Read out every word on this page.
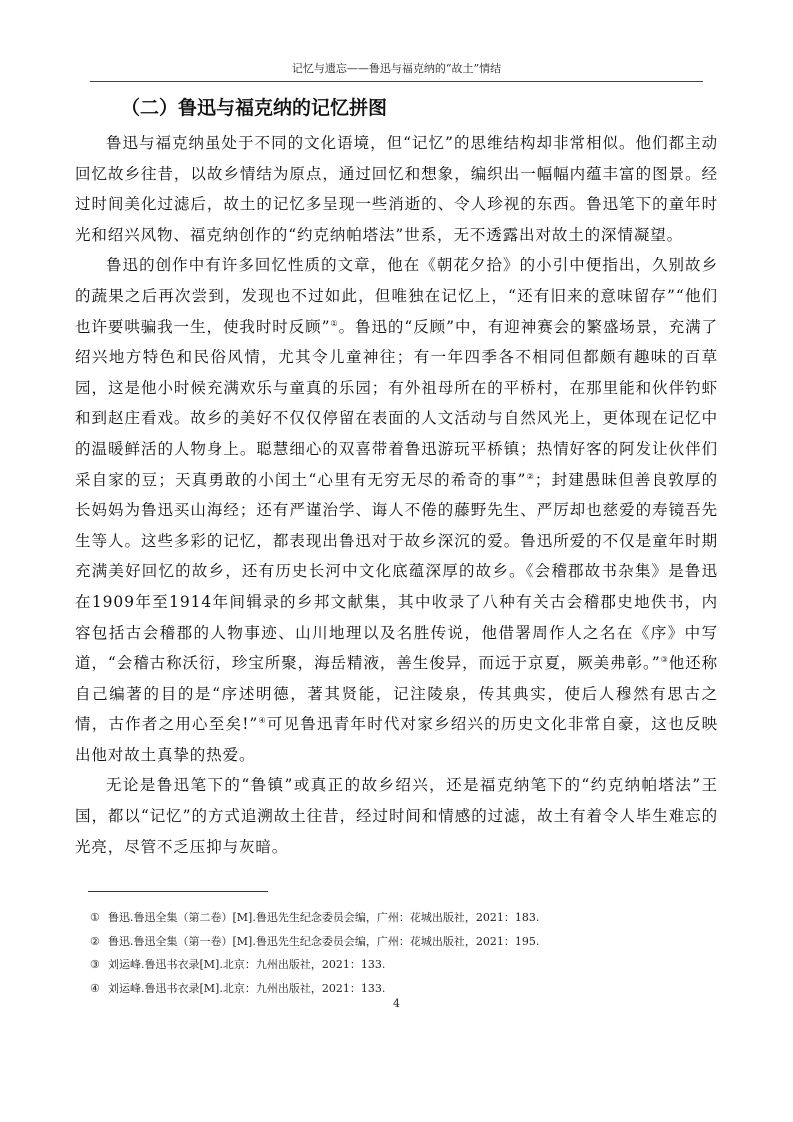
记忆与遗忘——鲁迅与福克纳的“故土”情结
（二）鲁迅与福克纳的记忆拼图

鲁迅与福克纳虽处于不同的文化语境，但“记忆”的思维结构却非常相似。他们都主动回忆故乡往昔，以故乡情结为原点，通过回忆和想象，编织出一幅幅内蕴丰富的图景。经过时间美化过滤后，故土的记忆多呈现一些消逝的、令人珍视的东西。鲁迅笔下的童年时光和绍兴风物、福克纳创作的“约克纳帕塔法”世系，无不透露出对故土的深情凝望。

鲁迅的创作中有许多回忆性质的文章，他在《朝花夕拾》的小引中便指出，久别故乡的蔬果之后再次尝到，发现也不过如此，但唯独在记忆上，“还有旧来的意味留存”“他们也许要哄骗我一生，使我时时反顾”①。鲁迅的“反顾”中，有迎神赛会的繁盛场景，充满了绍兴地方特色和民俗风情，尤其令儿童神往；有一年四季各不相同但都颇有趣味的百草园，这是他小时候充满欢乐与童真的乐园；有外祖母所在的平桥村，在那里能和伙伴钓虾和到赵庄看戏。故乡的美好不仅仅停留在表面的人文活动与自然风光上，更体现在记忆中的温暖鲜活的人物身上。聪慧细心的双喜带着鲁迅游玩平桥镇；热情好客的阿发让伙伴们采自家的豆；天真勇敢的小闰土“心里有无穷无尽的希奇的事”②；封建愚昧但善良敦厚的长妈妈为鲁迅买山海经；还有严谨治学、诲人不倦的藤野先生、严厉却也慈爱的寿镜吾先生等人。这些多彩的记忆，都表现出鲁迅对于故乡深沉的爱。鲁迅所爱的不仅是童年时期充满美好回忆的故乡，还有历史长河中文化底蕴深厚的故乡。《会稽郡故书杂集》是鲁迅在1909年至1914年间辑录的乡邦文献集，其中收录了八种有关古会稽郡史地佚书，内容包括古会稽郡的人物事迹、山川地理以及名胜传说，他借署周作人之名在《序》中写道，“会稽古称沃衍，珍宝所聚，海岳精液，善生俊异，而远于京夏，厥美弗彰。”③他还称自己编著的目的是“序述明德，著其贤能，记注陵泉，传其典实，使后人穆然有思古之情，古作者之用心至矣!”④可见鲁迅青年时代对家乡绍兴的历史文化非常自豪，这也反映出他对故土真挚的热爱。

无论是鲁迅笔下的“鲁镇”或真正的故乡绍兴，还是福克纳笔下的“约克纳帕塔法”王国，都以“记忆”的方式追溯故土往昔，经过时间和情感的过滤，故土有着令人毕生难忘的光亮，尽管不乏压抑与灰暗。

① 鲁迅.鲁迅全集（第二卷）[M].鲁迅先生纪念委员会编，广州：花城出版社，2021：183.
② 鲁迅.鲁迅全集（第一卷）[M].鲁迅先生纪念委员会编，广州：花城出版社，2021：195.
③ 刘运峰.鲁迅书衣录[M].北京：九州出版社，2021：133.
④ 刘运峰.鲁迅书衣录[M].北京：九州出版社，2021：133.
4
